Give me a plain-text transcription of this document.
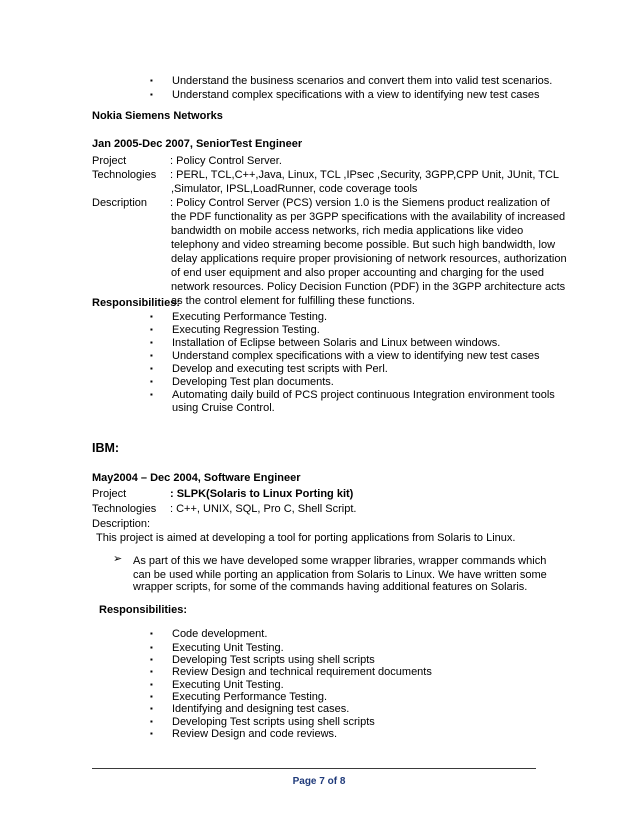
▪ Understand the business scenarios and convert them into valid test scenarios.
▪ Understand complex specifications with a view to identifying new test cases
Nokia Siemens Networks
Jan 2005-Dec 2007, SeniorTest Engineer
Project	: Policy Control Server.
Technologies : PERL, TCL,C++,Java, Linux, TCL ,IPsec ,Security, 3GPP,CPP Unit, JUnit, TCL
,Simulator, IPSL,LoadRunner, code coverage tools
Description : Policy Control Server (PCS) version 1.0 is the Siemens product realization of
the PDF functionality as per 3GPP specifications with the availability of increased
bandwidth on mobile access networks, rich media applications like video
telephony and video streaming become possible. But such high bandwidth, low
delay applications require proper provisioning of network resources, authorization
of end user equipment and also proper accounting and charging for the used
network resources. Policy Decision Function (PDF) in the 3GPP architecture acts
as the control element for fulfilling these functions.
Responsibilities:
▪ Executing Performance Testing.
▪ Executing Regression Testing.
▪ Installation of Eclipse between Solaris and Linux between windows.
▪ Understand complex specifications with a view to identifying new test cases
▪ Develop and executing test scripts with Perl.
▪ Developing Test plan documents.
▪ Automating daily build of PCS project continuous Integration environment tools
using Cruise Control.
IBM:
May2004 – Dec 2004, Software Engineer
Project	: SLPK(Solaris to Linux Porting kit)
Technologies : C++, UNIX, SQL, Pro C, Shell Script.
Description:
This project is aimed at developing a tool for porting applications from Solaris to Linux.
➢ As part of this we have developed some wrapper libraries, wrapper commands which
can be used while porting an application from Solaris to Linux. We have written some
wrapper scripts, for some of the commands having additional features on Solaris.
Responsibilities:
▪ Code development.
▪ Executing Unit Testing.
▪ Developing Test scripts using shell scripts
▪ Review Design and technical requirement documents
▪ Executing Unit Testing.
▪ Executing Performance Testing.
▪ Identifying and designing test cases.
▪ Developing Test scripts using shell scripts
▪ Review Design and code reviews.
Page 7 of 8
